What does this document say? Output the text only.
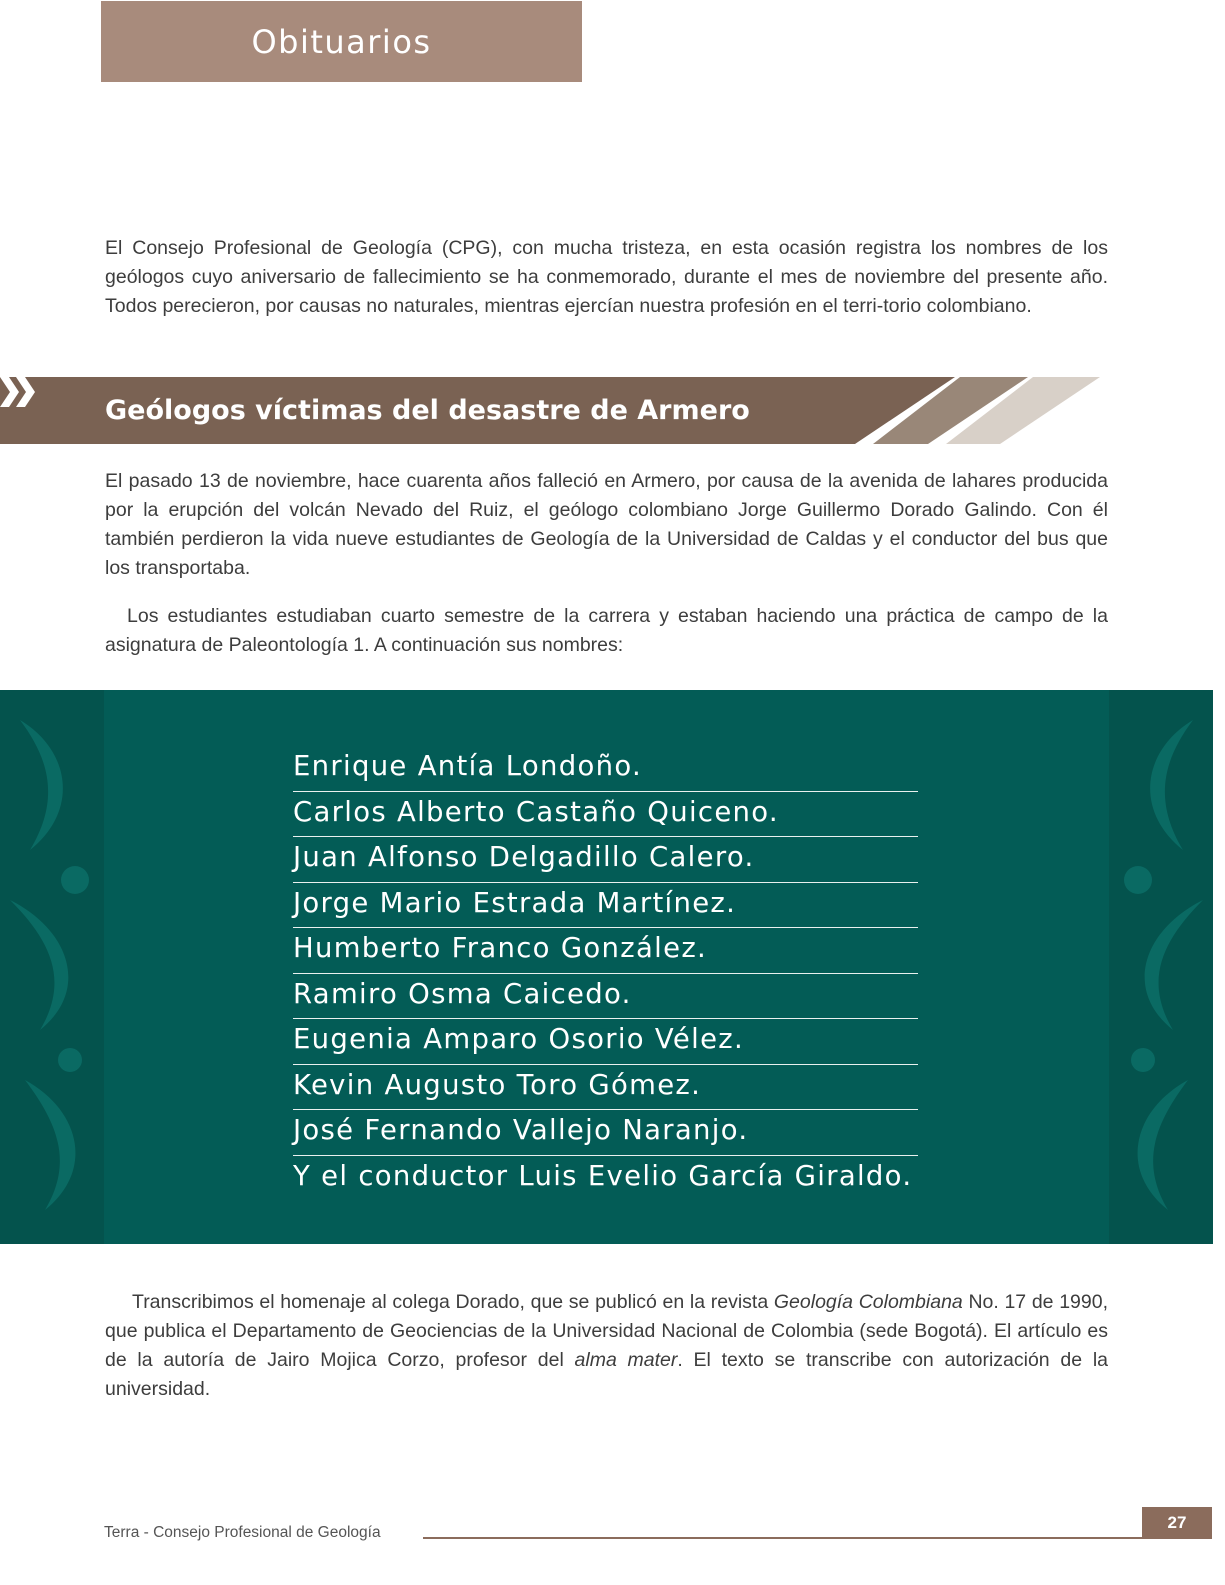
Obituarios

El Consejo Profesional de Geología (CPG), con mucha tristeza, en esta ocasión registra los nombres de los geólogos cuyo aniversario de fallecimiento se ha conmemorado, durante el mes de noviembre del presente año. Todos perecieron, por causas no naturales, mientras ejercían nuestra profesión en el terri-torio colombiano.

Geólogos víctimas del desastre de Armero

El pasado 13 de noviembre, hace cuarenta años falleció en Armero, por causa de la avenida de lahares producida por la erupción del volcán Nevado del Ruiz, el geólogo colombiano Jorge Guillermo Dorado Galindo. Con él también perdieron la vida nueve estudiantes de Geología de la Universidad de Caldas y el conductor del bus que los transportaba.

Los estudiantes estudiaban cuarto semestre de la carrera y estaban haciendo una práctica de campo de la asignatura de Paleontología 1. A continuación sus nombres:

Enrique Antía Londoño.
Carlos Alberto Castaño Quiceno.
Juan Alfonso Delgadillo Calero.
Jorge Mario Estrada Martínez.
Humberto Franco González.
Ramiro Osma Caicedo.
Eugenia Amparo Osorio Vélez.
Kevin Augusto Toro Gómez.
José Fernando Vallejo Naranjo.
Y el conductor Luis Evelio García Giraldo.

Transcribimos el homenaje al colega Dorado, que se publicó en la revista Geología Colombiana No. 17 de 1990, que publica el Departamento de Geociencias de la Universidad Nacional de Colombia (sede Bogotá). El artículo es de la autoría de Jairo Mojica Corzo, profesor del alma mater. El texto se transcribe con autorización de la universidad.

Terra - Consejo Profesional de Geología
27
